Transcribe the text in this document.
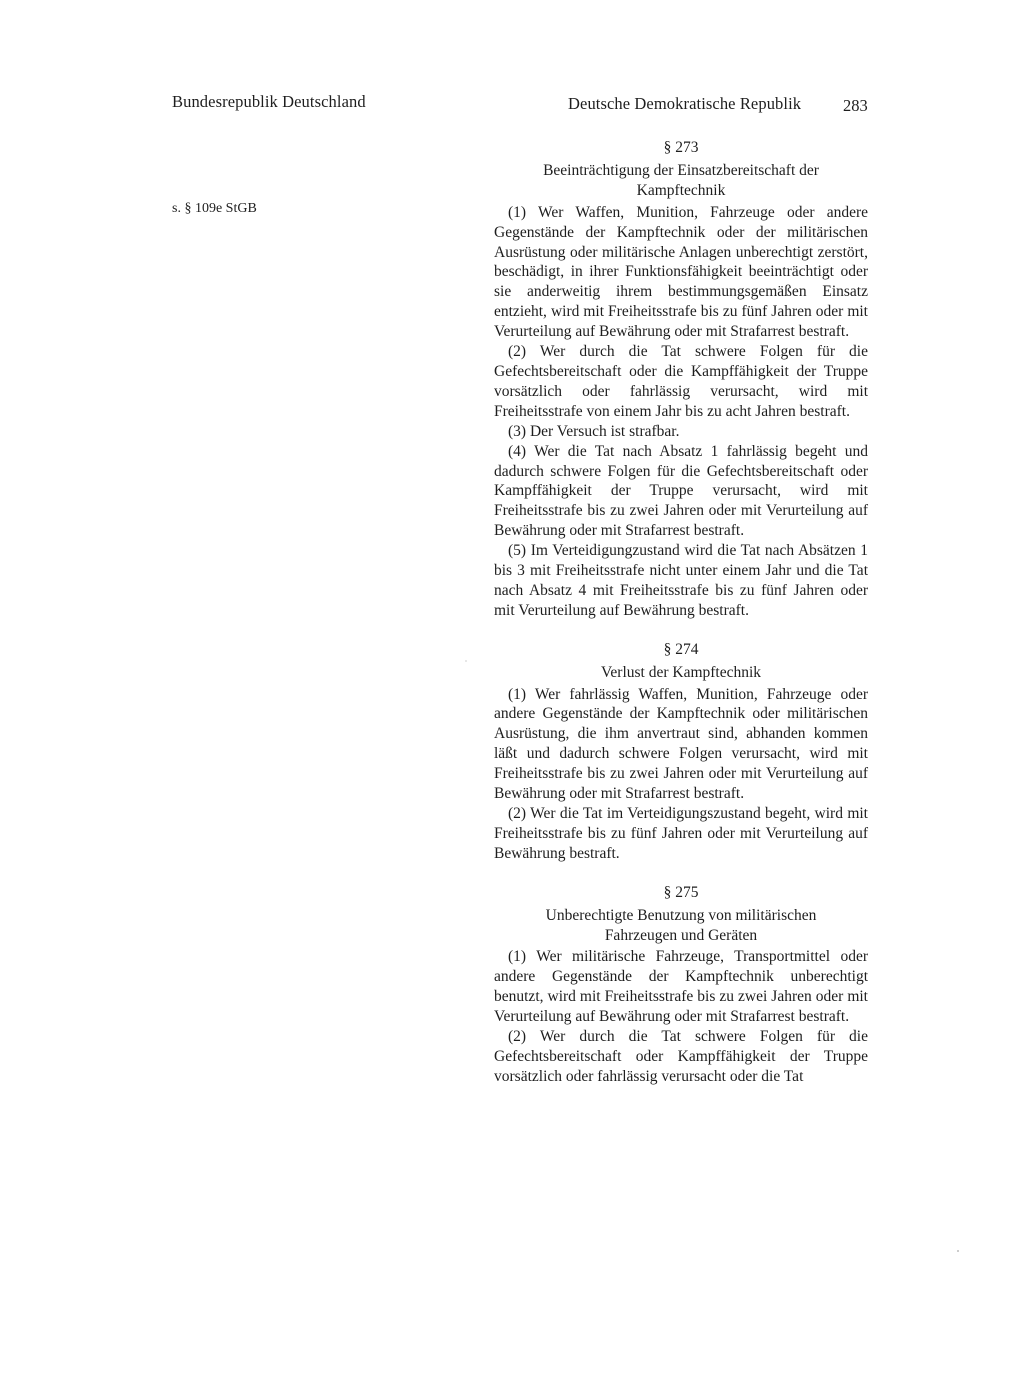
Bundesrepublik Deutschland	Deutsche Demokratische Republik	283
s. § 109e StGB
§ 273
Beeinträchtigung der Einsatzbereitschaft der Kampftechnik

(1) Wer Waffen, Munition, Fahrzeuge oder andere Gegenstände der Kampftechnik oder der militärischen Ausrüstung oder militärische Anlagen unberechtigt zerstört, beschädigt, in ihrer Funktionsfähigkeit beeinträchtigt oder sie anderweitig ihrem bestimmungsgemäßen Einsatz entzieht, wird mit Freiheitsstrafe bis zu fünf Jahren oder mit Verurteilung auf Bewährung oder mit Strafarrest bestraft.

(2) Wer durch die Tat schwere Folgen für die Gefechtsbereitschaft oder die Kampffähigkeit der Truppe vorsätzlich oder fahrlässig verursacht, wird mit Freiheitsstrafe von einem Jahr bis zu acht Jahren bestraft.

(3) Der Versuch ist strafbar.

(4) Wer die Tat nach Absatz 1 fahrlässig begeht und dadurch schwere Folgen für die Gefechtsbereitschaft oder Kampffähigkeit der Truppe verursacht, wird mit Freiheitsstrafe bis zu zwei Jahren oder mit Verurteilung auf Bewährung oder mit Strafarrest bestraft.

(5) Im Verteidigungzustand wird die Tat nach Absätzen 1 bis 3 mit Freiheitsstrafe nicht unter einem Jahr und die Tat nach Absatz 4 mit Freiheitsstrafe bis zu fünf Jahren oder mit Verurteilung auf Bewährung bestraft.

§ 274
Verlust der Kampftechnik

(1) Wer fahrlässig Waffen, Munition, Fahrzeuge oder andere Gegenstände der Kampftechnik oder militärischen Ausrüstung, die ihm anvertraut sind, abhanden kommen läßt und dadurch schwere Folgen verursacht, wird mit Freiheitsstrafe bis zu zwei Jahren oder mit Verurteilung auf Bewährung oder mit Strafarrest bestraft.

(2) Wer die Tat im Verteidigungszustand begeht, wird mit Freiheitsstrafe bis zu fünf Jahren oder mit Verurteilung auf Bewährung bestraft.

§ 275
Unberechtigte Benutzung von militärischen Fahrzeugen und Geräten

(1) Wer militärische Fahrzeuge, Transportmittel oder andere Gegenstände der Kampftechnik unberechtigt benutzt, wird mit Freiheitsstrafe bis zu zwei Jahren oder mit Verurteilung auf Bewährung oder mit Strafarrest bestraft.

(2) Wer durch die Tat schwere Folgen für die Gefechtsbereitschaft oder Kampffähigkeit der Truppe vorsätzlich oder fahrlässig verursacht oder die Tat
